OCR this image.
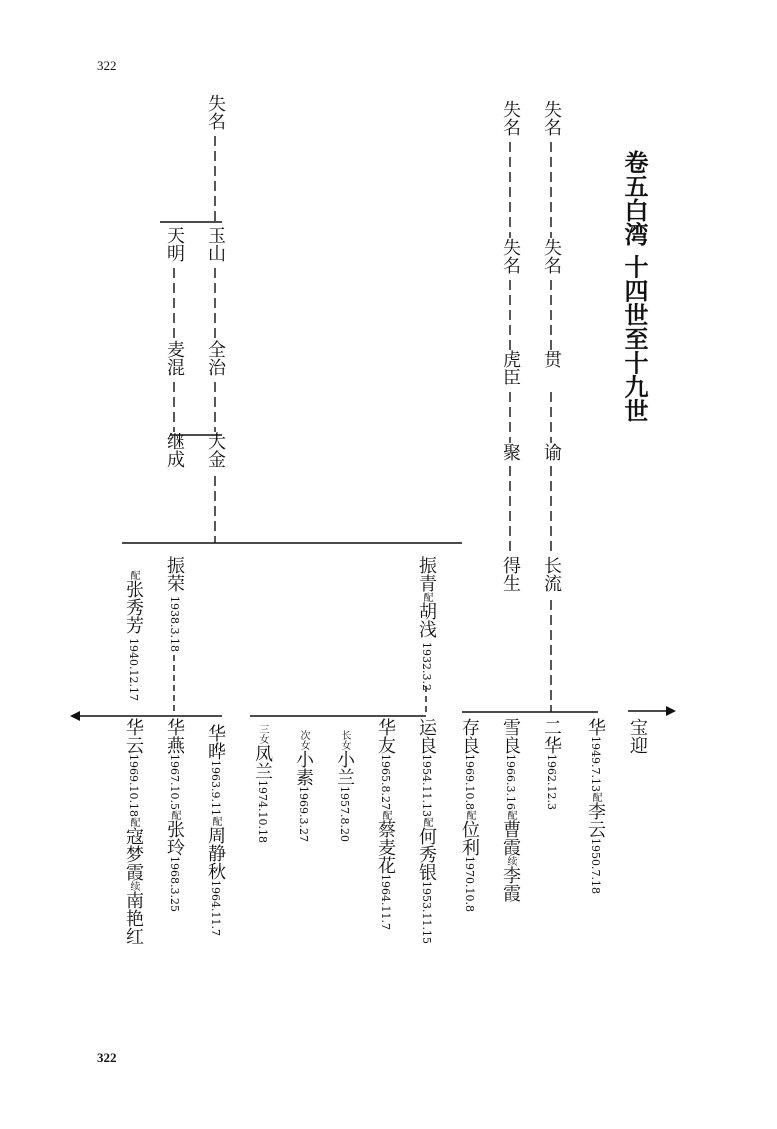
322
322
卷五白湾 十四世至十九世
失名
失名
贯
谕
长流
失名
失名
虎臣
聚
得生
失名
玉山
全治
大金
天明
麦混
继成
振青配胡浅1932.3.2
振荣1938.3.18
配张秀芳1940.12.17
宝迎
华1949.7.13配李云1950.7.18
二华1962.12.3
雪良1966.3.16配曹霞续李霞
存良1969.10.8配位利1970.10.8
运良1954.11.13配何秀银1953.11.15
华友1965.8.27配蔡麦花1964.11.7
长女小兰1957.8.20
次女小素1969.3.27
三女凤兰1974.10.18
华晔1963.9.11配周静秋1964.11.7
华燕1967.10.5配张玲1968.3.25
华云1969.10.18配寇梦霞续南艳红
